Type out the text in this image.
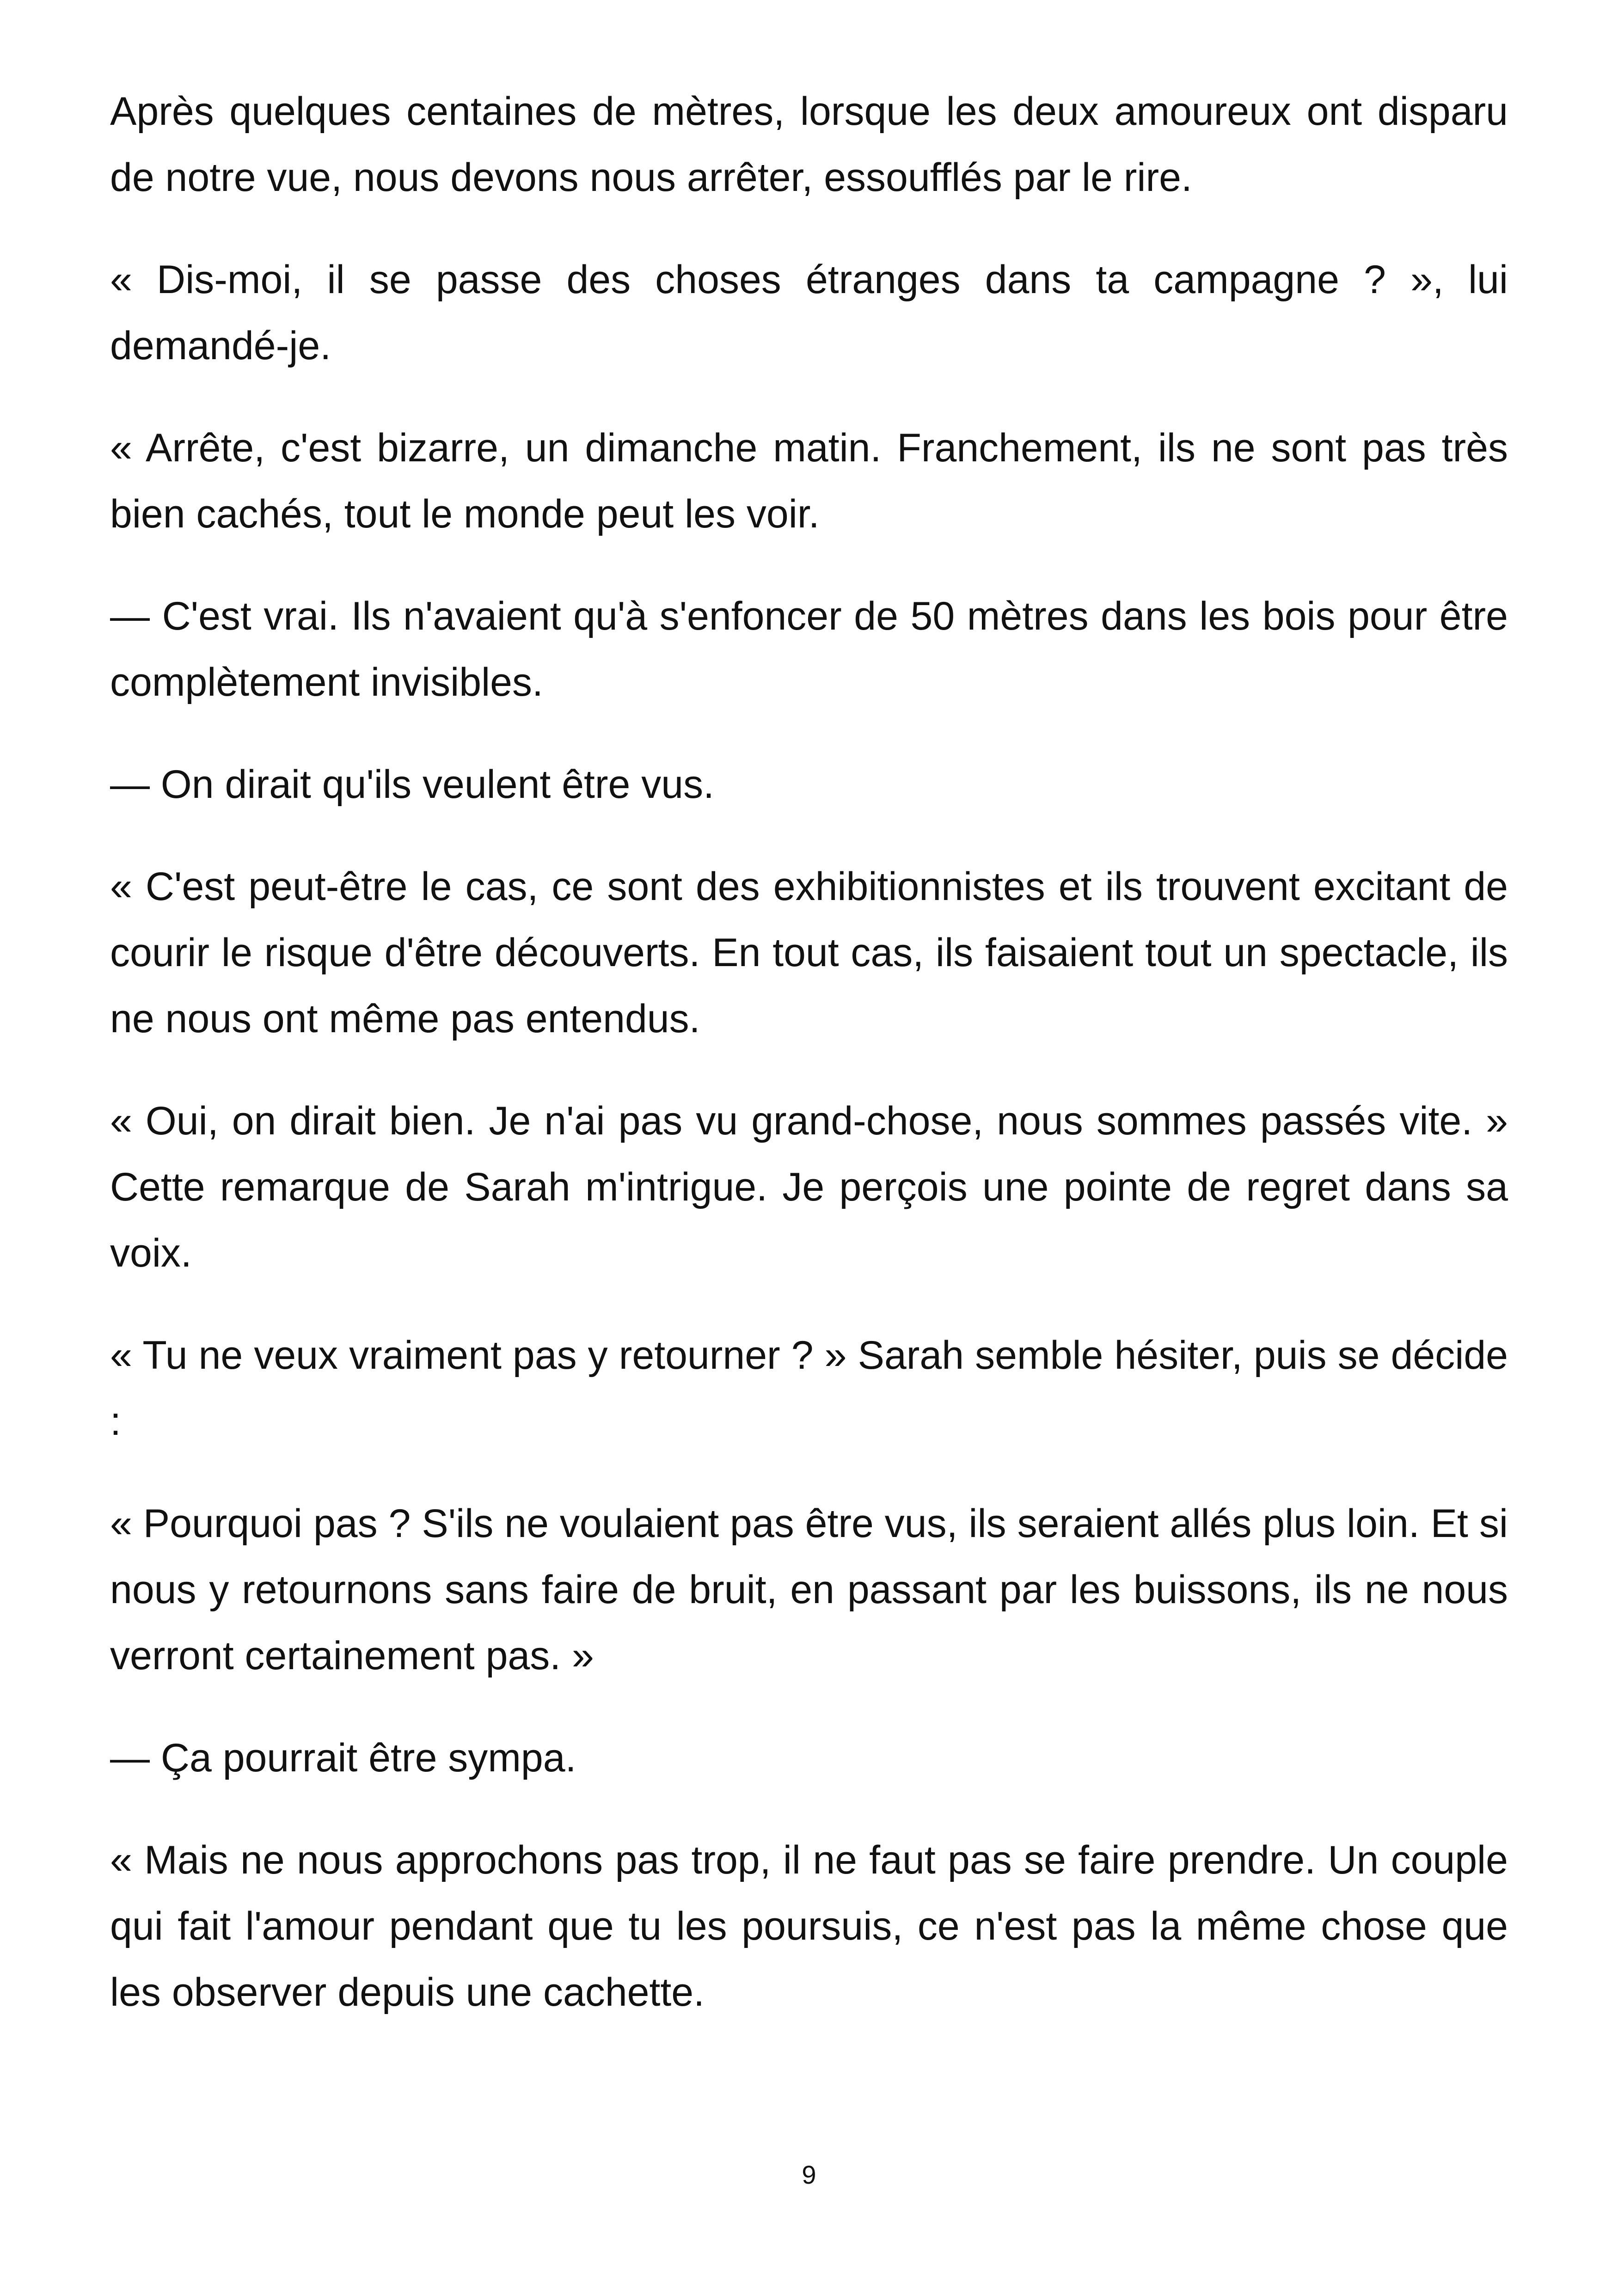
Après quelques centaines de mètres, lorsque les deux amoureux ont disparu de notre vue, nous devons nous arrêter, essoufflés par le rire.

« Dis-moi, il se passe des choses étranges dans ta campagne ? », lui demandé-je.

« Arrête, c'est bizarre, un dimanche matin. Franchement, ils ne sont pas très bien cachés, tout le monde peut les voir.

— C'est vrai. Ils n'avaient qu'à s'enfoncer de 50 mètres dans les bois pour être complètement invisibles.

— On dirait qu'ils veulent être vus.

« C'est peut-être le cas, ce sont des exhibitionnistes et ils trouvent excitant de courir le risque d'être découverts. En tout cas, ils faisaient tout un spectacle, ils ne nous ont même pas entendus.

« Oui, on dirait bien. Je n'ai pas vu grand-chose, nous sommes passés vite. » Cette remarque de Sarah m'intrigue. Je perçois une pointe de regret dans sa voix.

« Tu ne veux vraiment pas y retourner ? » Sarah semble hésiter, puis se décide :

« Pourquoi pas ? S'ils ne voulaient pas être vus, ils seraient allés plus loin. Et si nous y retournons sans faire de bruit, en passant par les buissons, ils ne nous verront certainement pas. »

— Ça pourrait être sympa.

« Mais ne nous approchons pas trop, il ne faut pas se faire prendre. Un couple qui fait l'amour pendant que tu les poursuis, ce n'est pas la même chose que les observer depuis une cachette.

9
